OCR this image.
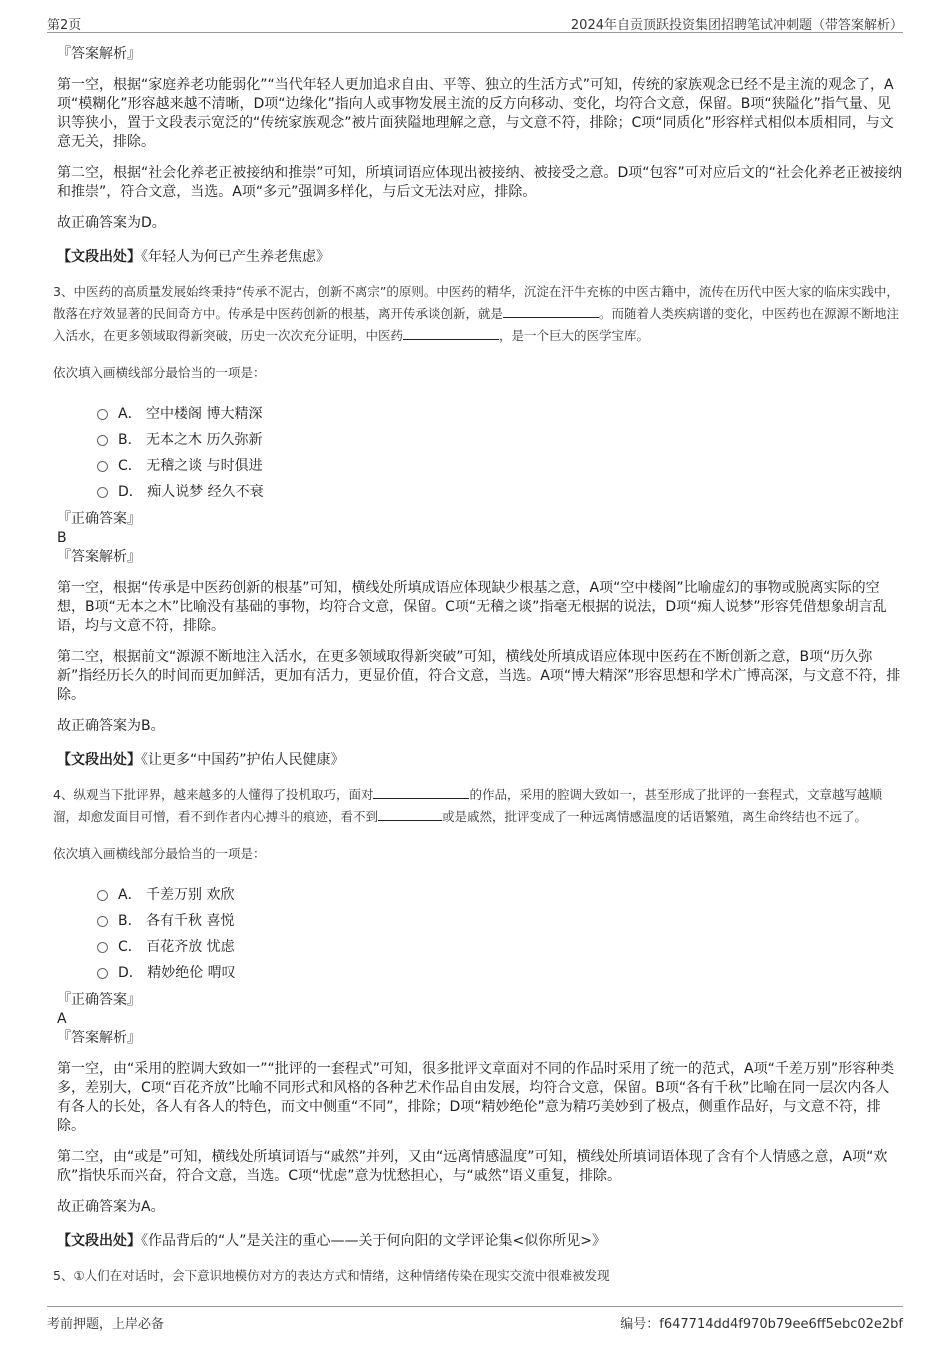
第2页	2024年自贡顶跃投资集团招聘笔试冲刺题（带答案解析）

『答案解析』

第一空，根据“家庭养老功能弱化”“当代年轻人更加追求自由、平等、独立的生活方式”可知，传统的家族观念已经不是主流的观念了，A项“模糊化”形容越来越不清晰，D项“边缘化”指向人或事物发展主流的反方向移动、变化，均符合文意，保留。B项“狭隘化”指气量、见识等狭小，置于文段表示宽泛的“传统家族观念”被片面狭隘地理解之意，与文意不符，排除；C项“同质化”形容样式相似本质相同，与文意无关，排除。

第二空，根据“社会化养老正被接纳和推崇”可知，所填词语应体现出被接纳、被接受之意。D项“包容”可对应后文的“社会化养老正被接纳和推崇”，符合文意，当选。A项“多元”强调多样化，与后文无法对应，排除。

故正确答案为D。

【文段出处】《年轻人为何已产生养老焦虑》

3、中医药的高质量发展始终秉持“传承不泥古，创新不离宗”的原则。中医药的精华，沉淀在汗牛充栋的中医古籍中，流传在历代中医大家的临床实践中，散落在疗效显著的民间奇方中。传承是中医药创新的根基，离开传承谈创新，就是	。而随着人类疾病谱的变化，中医药也在源源不断地注入活水，在更多领域取得新突破，历史一次次充分证明，中医药	，是一个巨大的医学宝库。

依次填入画横线部分最恰当的一项是：

A． 空中楼阁 博大精深
B． 无本之木 历久弥新
C． 无稽之谈 与时俱进
D． 痴人说梦 经久不衰

『正确答案』

B

『答案解析』

第一空，根据“传承是中医药创新的根基”可知，横线处所填成语应体现缺少根基之意，A项“空中楼阁”比喻虚幻的事物或脱离实际的空想，B项“无本之木”比喻没有基础的事物，均符合文意，保留。C项“无稽之谈”指毫无根据的说法，D项“痴人说梦”形容凭借想象胡言乱语，均与文意不符，排除。

第二空，根据前文“源源不断地注入活水，在更多领域取得新突破”可知，横线处所填成语应体现中医药在不断创新之意，B项“历久弥新”指经历长久的时间而更加鲜活，更加有活力，更显价值，符合文意，当选。A项“博大精深”形容思想和学术广博高深，与文意不符，排除。

故正确答案为B。

【文段出处】《让更多“中国药”护佑人民健康》

4、纵观当下批评界，越来越多的人懂得了投机取巧，面对	的作品，采用的腔调大致如一，甚至形成了批评的一套程式，文章越写越顺溜，却愈发面目可憎，看不到作者内心搏斗的痕迹，看不到	或是戚然，批评变成了一种远离情感温度的话语繁殖，离生命终结也不远了。

依次填入画横线部分最恰当的一项是：

A． 千差万别 欢欣
B． 各有千秋 喜悦
C． 百花齐放 忧虑
D． 精妙绝伦 喟叹

『正确答案』

A

『答案解析』

第一空，由“采用的腔调大致如一”“批评的一套程式”可知，很多批评文章面对不同的作品时采用了统一的范式，A项“千差万别”形容种类多，差别大，C项“百花齐放”比喻不同形式和风格的各种艺术作品自由发展，均符合文意，保留。B项“各有千秋”比喻在同一层次内各人有各人的长处，各人有各人的特色，而文中侧重“不同”，排除；D项“精妙绝伦”意为精巧美妙到了极点，侧重作品好，与文意不符，排除。

第二空，由“或是”可知，横线处所填词语与“戚然”并列，又由“远离情感温度”可知，横线处所填词语体现了含有个人情感之意，A项“欢欣”指快乐而兴奋，符合文意，当选。C项“忧虑”意为忧愁担心，与“戚然”语义重复，排除。

故正确答案为A。

【文段出处】《作品背后的“人”是关注的重心——关于何向阳的文学评论集<似你所见>》

5、①人们在对话时，会下意识地模仿对方的表达方式和情绪，这种情绪传染在现实交流中很难被发现

考前押题，上岸必备	编号：f647714dd4f970b79ee6ff5ebc02e2bf
